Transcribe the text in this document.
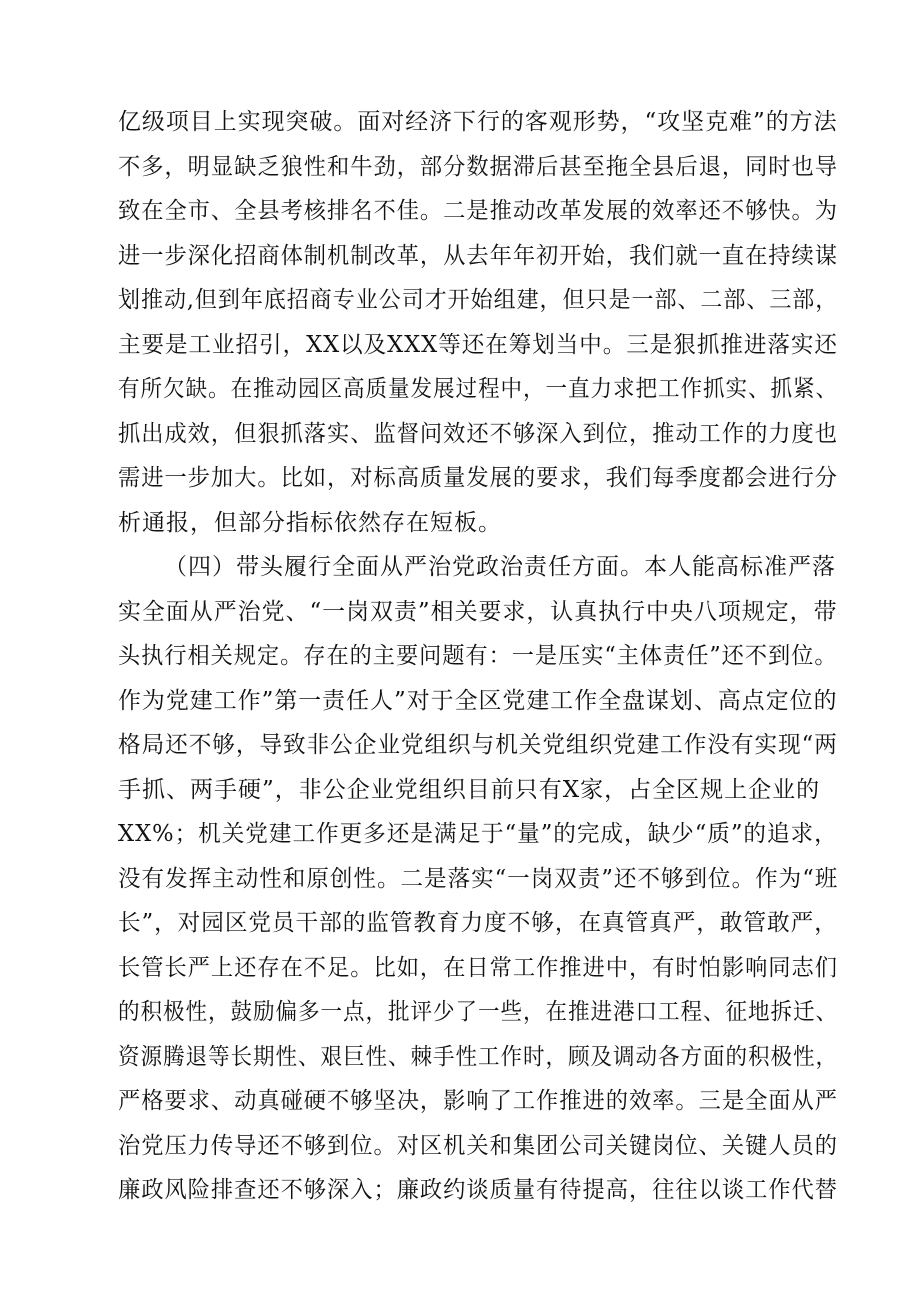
亿级项目上实现突破。面对经济下行的客观形势，“攻坚克难”的方法
不多，明显缺乏狼性和牛劲，部分数据滞后甚至拖全县后退，同时也导
致在全市、全县考核排名不佳。二是推动改革发展的效率还不够快。为
进一步深化招商体制机制改革，从去年年初开始，我们就一直在持续谋
划推动,但到年底招商专业公司才开始组建，但只是一部、二部、三部，
主要是工业招引，XX以及XXX等还在筹划当中。三是狠抓推进落实还
有所欠缺。在推动园区高质量发展过程中，一直力求把工作抓实、抓紧、
抓出成效，但狠抓落实、监督问效还不够深入到位，推动工作的力度也
需进一步加大。比如，对标高质量发展的要求，我们每季度都会进行分
析通报，但部分指标依然存在短板。
（四）带头履行全面从严治党政治责任方面。本人能高标准严落
实全面从严治党、“一岗双责”相关要求，认真执行中央八项规定，带
头执行相关规定。存在的主要问题有：一是压实“主体责任”还不到位。
作为党建工作”第一责任人”对于全区党建工作全盘谋划、高点定位的
格局还不够，导致非公企业党组织与机关党组织党建工作没有实现“两
手抓、两手硬”，非公企业党组织目前只有X家，占全区规上企业的
XX%；机关党建工作更多还是满足于“量”的完成，缺少“质”的追求，
没有发挥主动性和原创性。二是落实“一岗双责”还不够到位。作为“班
长”，对园区党员干部的监管教育力度不够，在真管真严，敢管敢严，
长管长严上还存在不足。比如，在日常工作推进中，有时怕影响同志们
的积极性，鼓励偏多一点，批评少了一些，在推进港口工程、征地拆迁、
资源腾退等长期性、艰巨性、棘手性工作时，顾及调动各方面的积极性，
严格要求、动真碰硬不够坚决，影响了工作推进的效率。三是全面从严
治党压力传导还不够到位。对区机关和集团公司关键岗位、关键人员的
廉政风险排查还不够深入；廉政约谈质量有待提高，往往以谈工作代替
